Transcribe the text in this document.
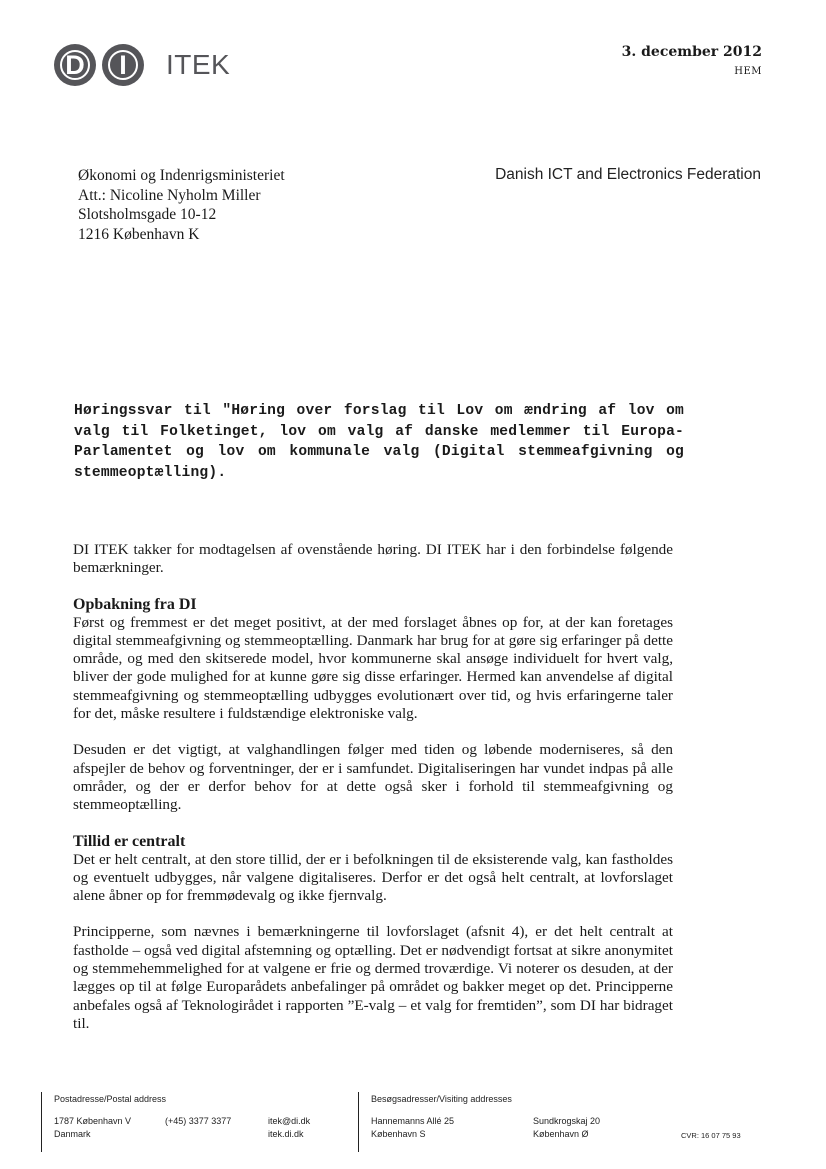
D	I	ITEK	3. december 2012
HEM
Økonomi og Indenrigsministeriet
Att.: Nicoline Nyholm Miller
Slotsholmsgade 10-12
1216 København K
Danish ICT and Electronics Federation
Høringssvar til "Høring over forslag til Lov om ændring af lov om valg til Folketinget, lov om valg af danske medlemmer til Europa-Parlamentet og lov om kommunale valg (Digital stemmeafgivning og stemmeoptælling).

DI ITEK takker for modtagelsen af ovenstående høring. DI ITEK har i den forbindelse følgende bemærkninger.

Opbakning fra DI

Først og fremmest er det meget positivt, at der med forslaget åbnes op for, at der kan foretages digital stemmeafgivning og stemmeoptælling. Danmark har brug for at gøre sig erfaringer på dette område, og med den skitserede model, hvor kommunerne skal ansøge individuelt for hvert valg, bliver der gode mulighed for at kunne gøre sig disse erfaringer. Hermed kan anvendelse af digital stemmeafgivning og stemmeoptælling udbygges evolutionært over tid, og hvis erfaringerne taler for det, måske resultere i fuldstændige elektroniske valg.

Desuden er det vigtigt, at valghandlingen følger med tiden og løbende moderniseres, så den afspejler de behov og forventninger, der er i samfundet. Digitaliseringen har vundet indpas på alle områder, og der er derfor behov for at dette også sker i forhold til stemmeafgivning og stemmeoptælling.

Tillid er centralt

Det er helt centralt, at den store tillid, der er i befolkningen til de eksisterende valg, kan fastholdes og eventuelt udbygges, når valgene digitaliseres. Derfor er det også helt centralt, at lovforslaget alene åbner op for fremmødevalg og ikke fjernvalg.

Principperne, som nævnes i bemærkningerne til lovforslaget (afsnit 4), er det helt centralt at fastholde – også ved digital afstemning og optælling. Det er nødvendigt fortsat at sikre anonymitet og stemmehemmelighed for at valgene er frie og dermed troværdige. Vi noterer os desuden, at der lægges op til at følge Europarådets anbefalinger på området og bakker meget op det. Principperne anbefales også af Teknologirådet i rapporten ”E-valg – et valg for fremtiden”, som DI har bidraget til.

Postadresse/Postal address
1787 København V
Danmark
(+45) 3377 3377	itek@di.dk
itek.di.dk
Besøgsadresser/Visiting addresses
Hannemanns Allé 25
København S
Sundkrogskaj 20
København Ø	CVR: 16 07 75 93
